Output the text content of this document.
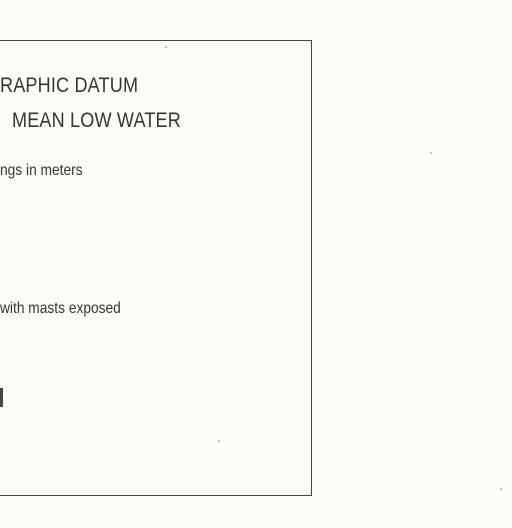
RAPHIC DATUM
MEAN LOW WATER
ngs in meters
with masts exposed
